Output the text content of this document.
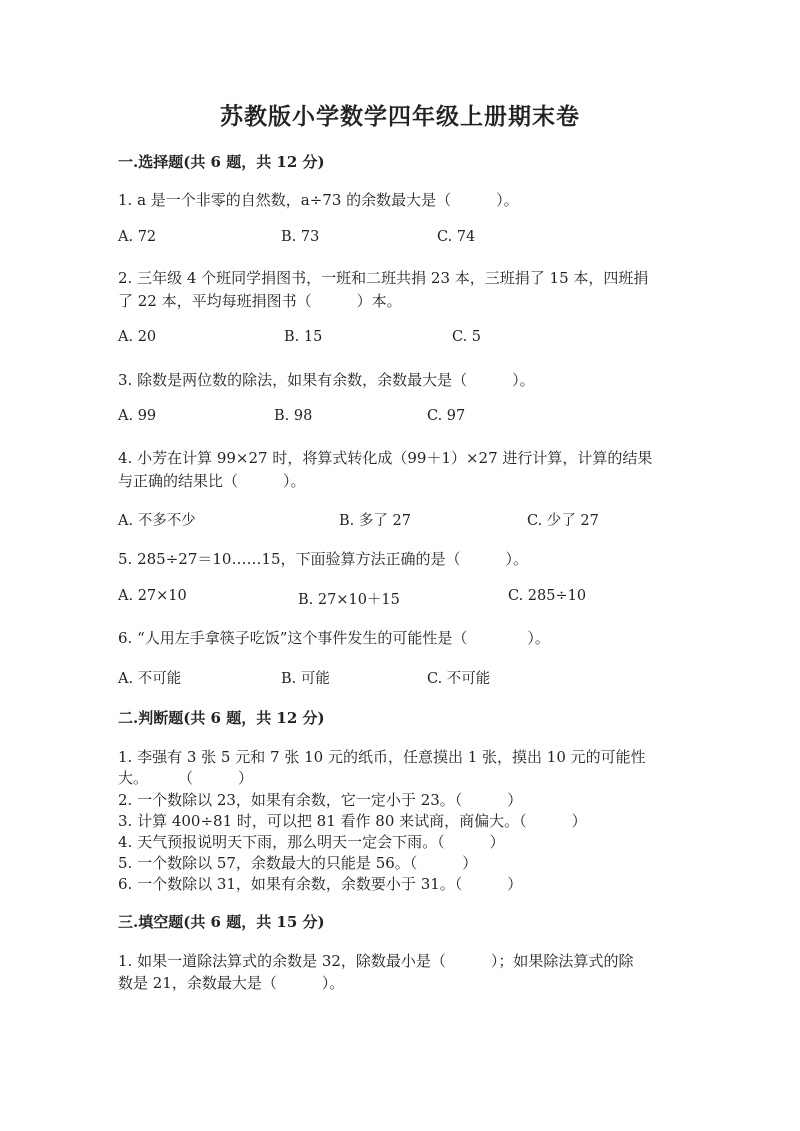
苏教版小学数学四年级上册期末卷
一.选择题(共 6 题，共 12 分)
1. a 是一个非零的自然数，a÷73 的余数最大是（　　　）。
A. 72	B. 73	C. 74
2. 三年级 4 个班同学捐图书，一班和二班共捐 23 本，三班捐了 15 本，四班捐
了 22 本，平均每班捐图书（　　　）本。
A. 20	B. 15	C. 5
3. 除数是两位数的除法，如果有余数，余数最大是（　　　）。
A. 99	B. 98	C. 97
4. 小芳在计算 99×27 时，将算式转化成（99＋1）×27 进行计算，计算的结果
与正确的结果比（　　　）。
A. 不多不少	B. 多了 27	C. 少了 27
5. 285÷27＝10……15，下面验算方法正确的是（　　　）。
A. 27×10	B. 27×10＋15	C. 285÷10
6. “人用左手拿筷子吃饭”这个事件发生的可能性是（　　　　）。
A. 不可能	B. 可能	C. 不可能
二.判断题(共 6 题，共 12 分)
1. 李强有 3 张 5 元和 7 张 10 元的纸币，任意摸出 1 张，摸出 10 元的可能性
大。　　　（　　　）
2. 一个数除以 23，如果有余数，它一定小于 23。（　　　）
3. 计算 400÷81 时，可以把 81 看作 80 来试商，商偏大。（　　　）
4. 天气预报说明天下雨，那么明天一定会下雨。（　　　）
5. 一个数除以 57，余数最大的只能是 56。（　　　）
6. 一个数除以 31，如果有余数，余数要小于 31。（　　　）
三.填空题(共 6 题，共 15 分)
1. 如果一道除法算式的余数是 32，除数最小是（　　　）；如果除法算式的除
数是 21，余数最大是（　　　）。
